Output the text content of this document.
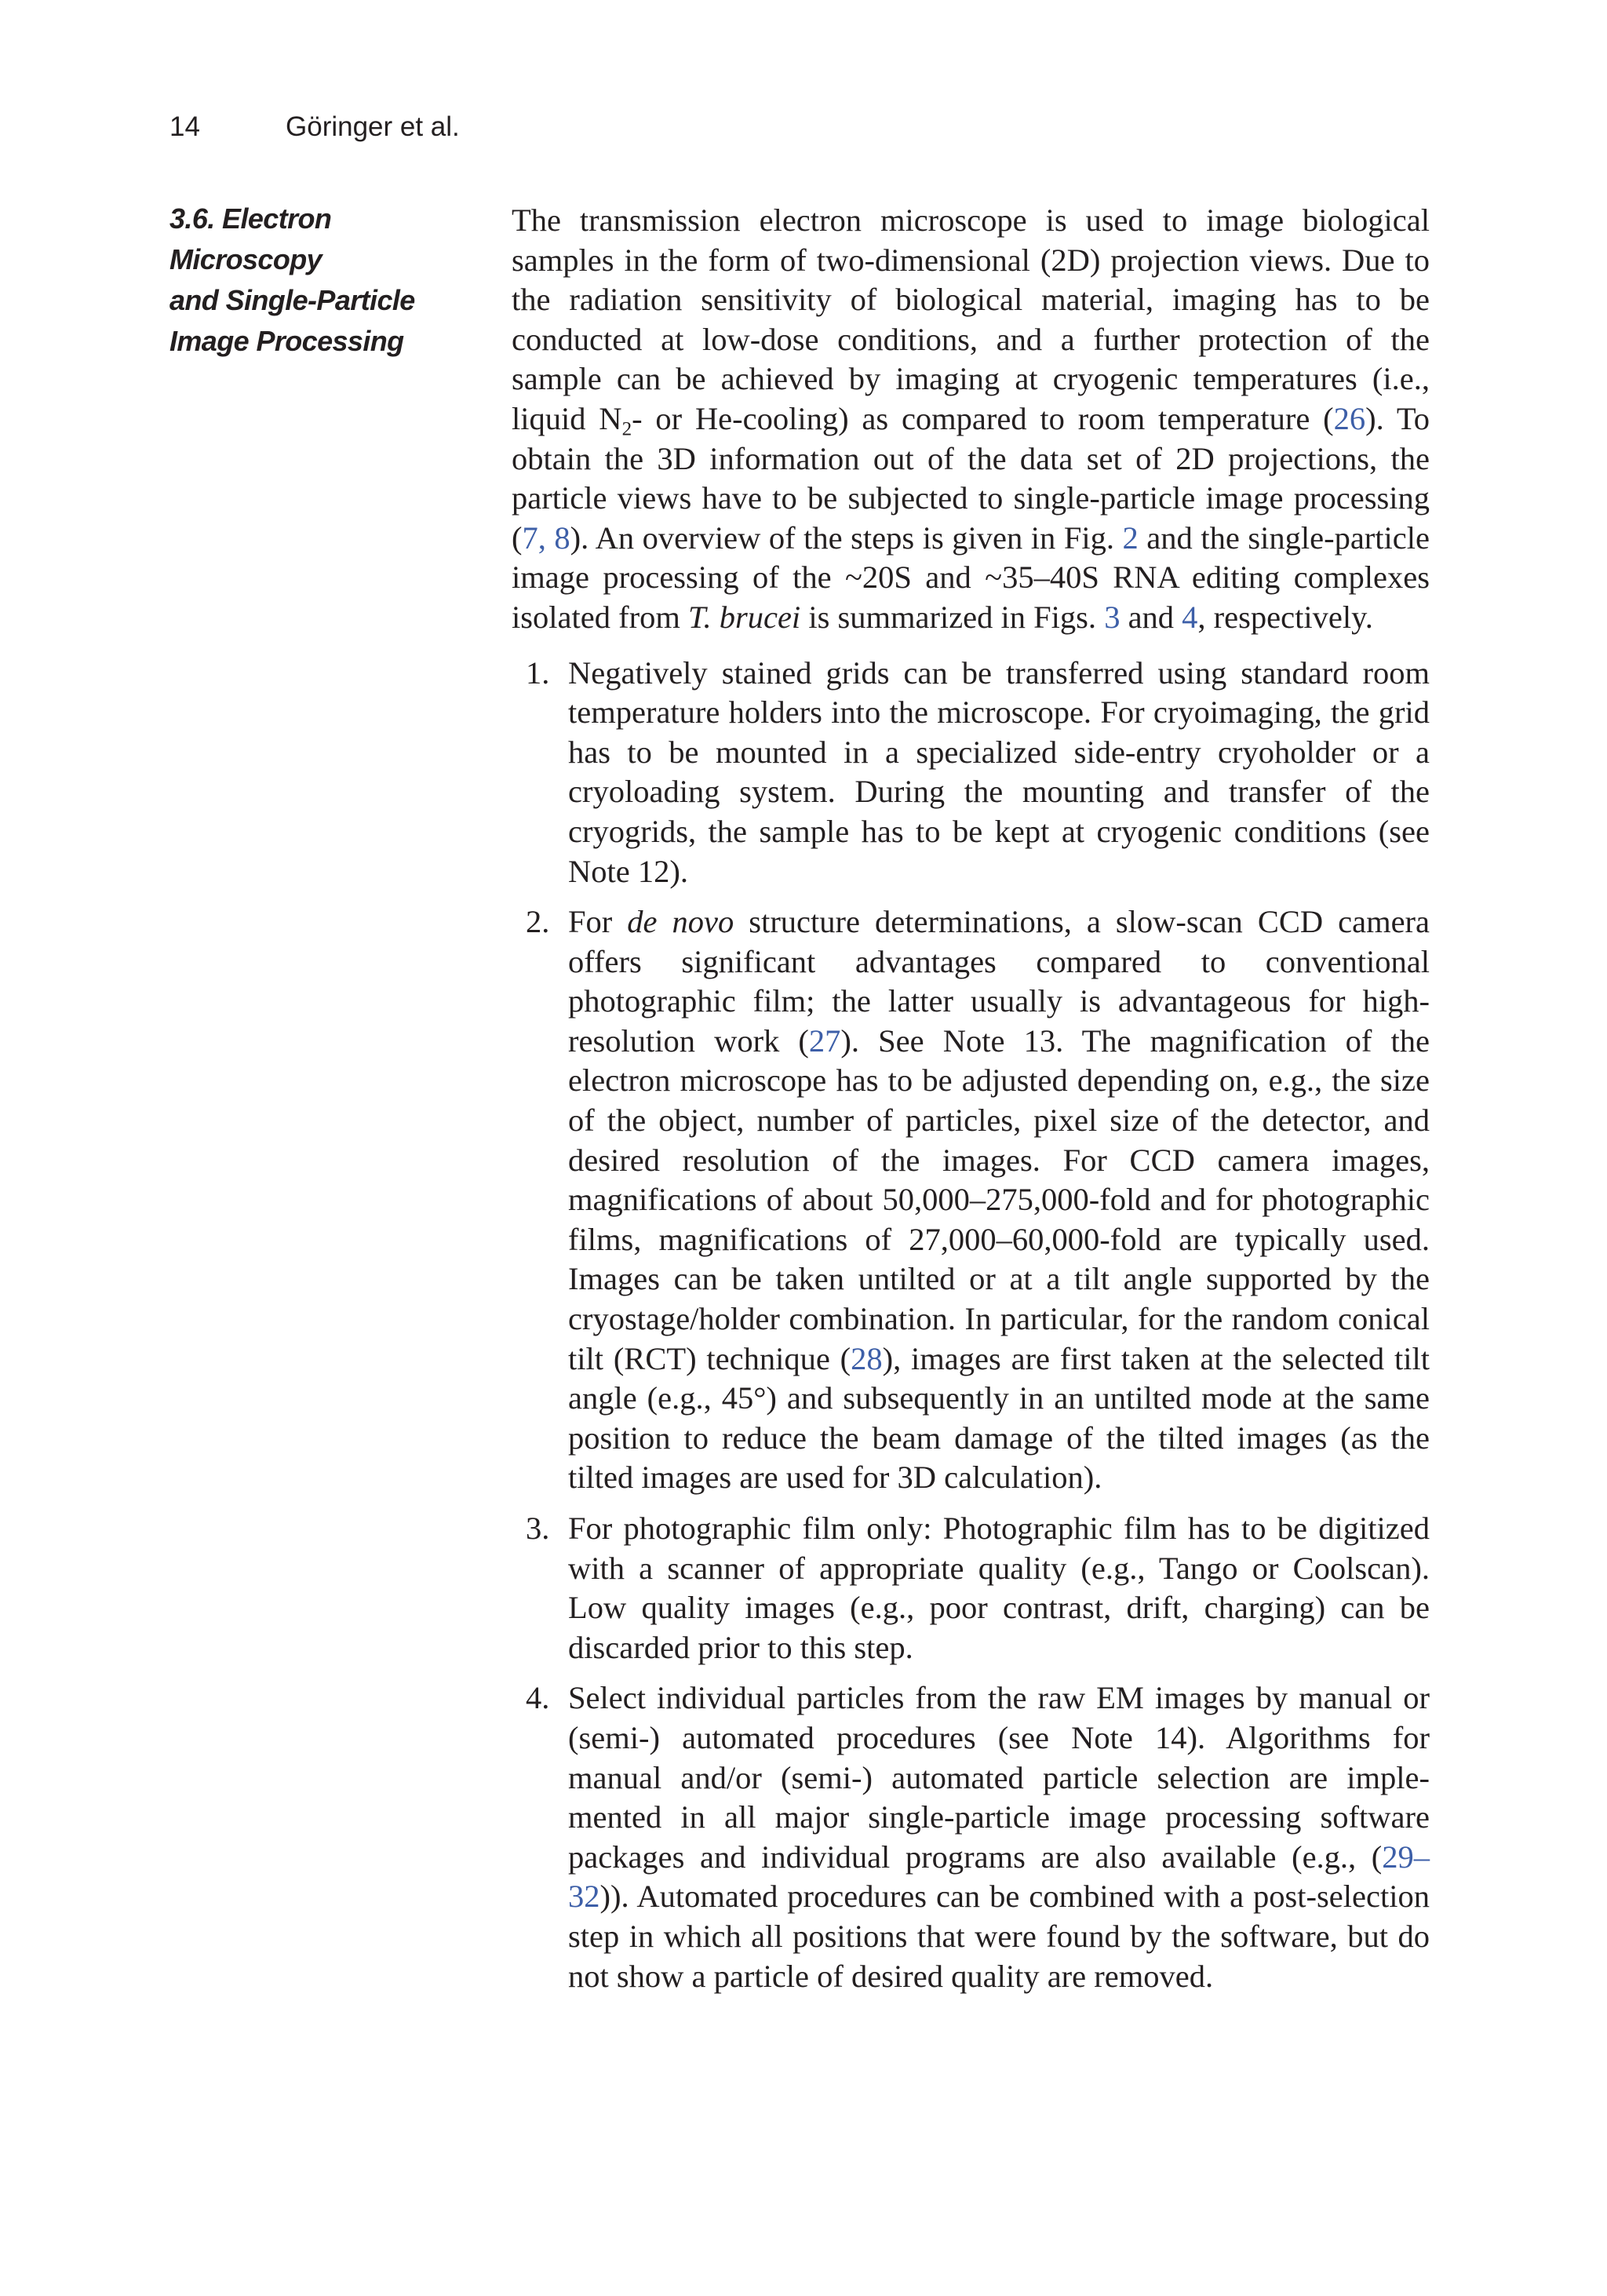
14	Göringer et al.
3.6. Electron
Microscopy
and Single-Particle
Image Processing

The transmission electron microscope is used to image biological samples in the form of two-dimensional (2D) projection views. Due to the radiation sensitivity of biological material, imaging has to be conducted at low-dose conditions, and a further protection of the sample can be achieved by imaging at cryogenic temperatures (i.e., liquid $N_2-$ or He-cooling) as compared to room temperature (26). To obtain the 3D information out of the data set of 2D projections, the particle views have to be subjected to single-particle image processing (7, 8). An overview of the steps is given in Fig. 2 and the single-particle image processing of the ~20S and ~35–40S RNA editing complexes isolated from T. brucei is summarized in Figs. 3 and 4, respectively.

1. Negatively stained grids can be transferred using standard room temperature holders into the microscope. For cryoimaging, the grid has to be mounted in a specialized side-entry cryoholder or a cryoloading system. During the mounting and transfer of the cryogrids, the sample has to be kept at cryogenic conditions (see Note 12).
2. For de novo structure determinations, a slow-scan CCD camera offers significant advantages compared to conventional photographic film; the latter usually is advantageous for high-resolution work (27). See Note 13. The magnification of the electron microscope has to be adjusted depending on, e.g., the size of the object, number of particles, pixel size of the detector, and desired resolution of the images. For CCD camera images, magnifications of about 50,000–275,000-fold and for photographic films, magnifications of 27,000–60,000-fold are typically used. Images can be taken untilted or at a tilt angle supported by the cryostage/holder combination. In particular, for the random conical tilt (RCT) technique (28), images are first taken at the selected tilt angle (e.g., 45°) and subsequently in an untilted mode at the same position to reduce the beam damage of the tilted images (as the tilted images are used for 3D calculation).
3. For photographic film only: Photographic film has to be digitized with a scanner of appropriate quality (e.g., Tango or Coolscan). Low quality images (e.g., poor contrast, drift, charging) can be discarded prior to this step.
4. Select individual particles from the raw EM images by manual or (semi-) automated procedures (see Note 14). Algorithms for manual and/or (semi-) automated particle selection are implemented in all major single-particle image processing software packages and individual programs are also available (e.g., (29–32)). Automated procedures can be combined with a post-selection step in which all positions that were found by the software, but do not show a particle of desired quality are removed.
